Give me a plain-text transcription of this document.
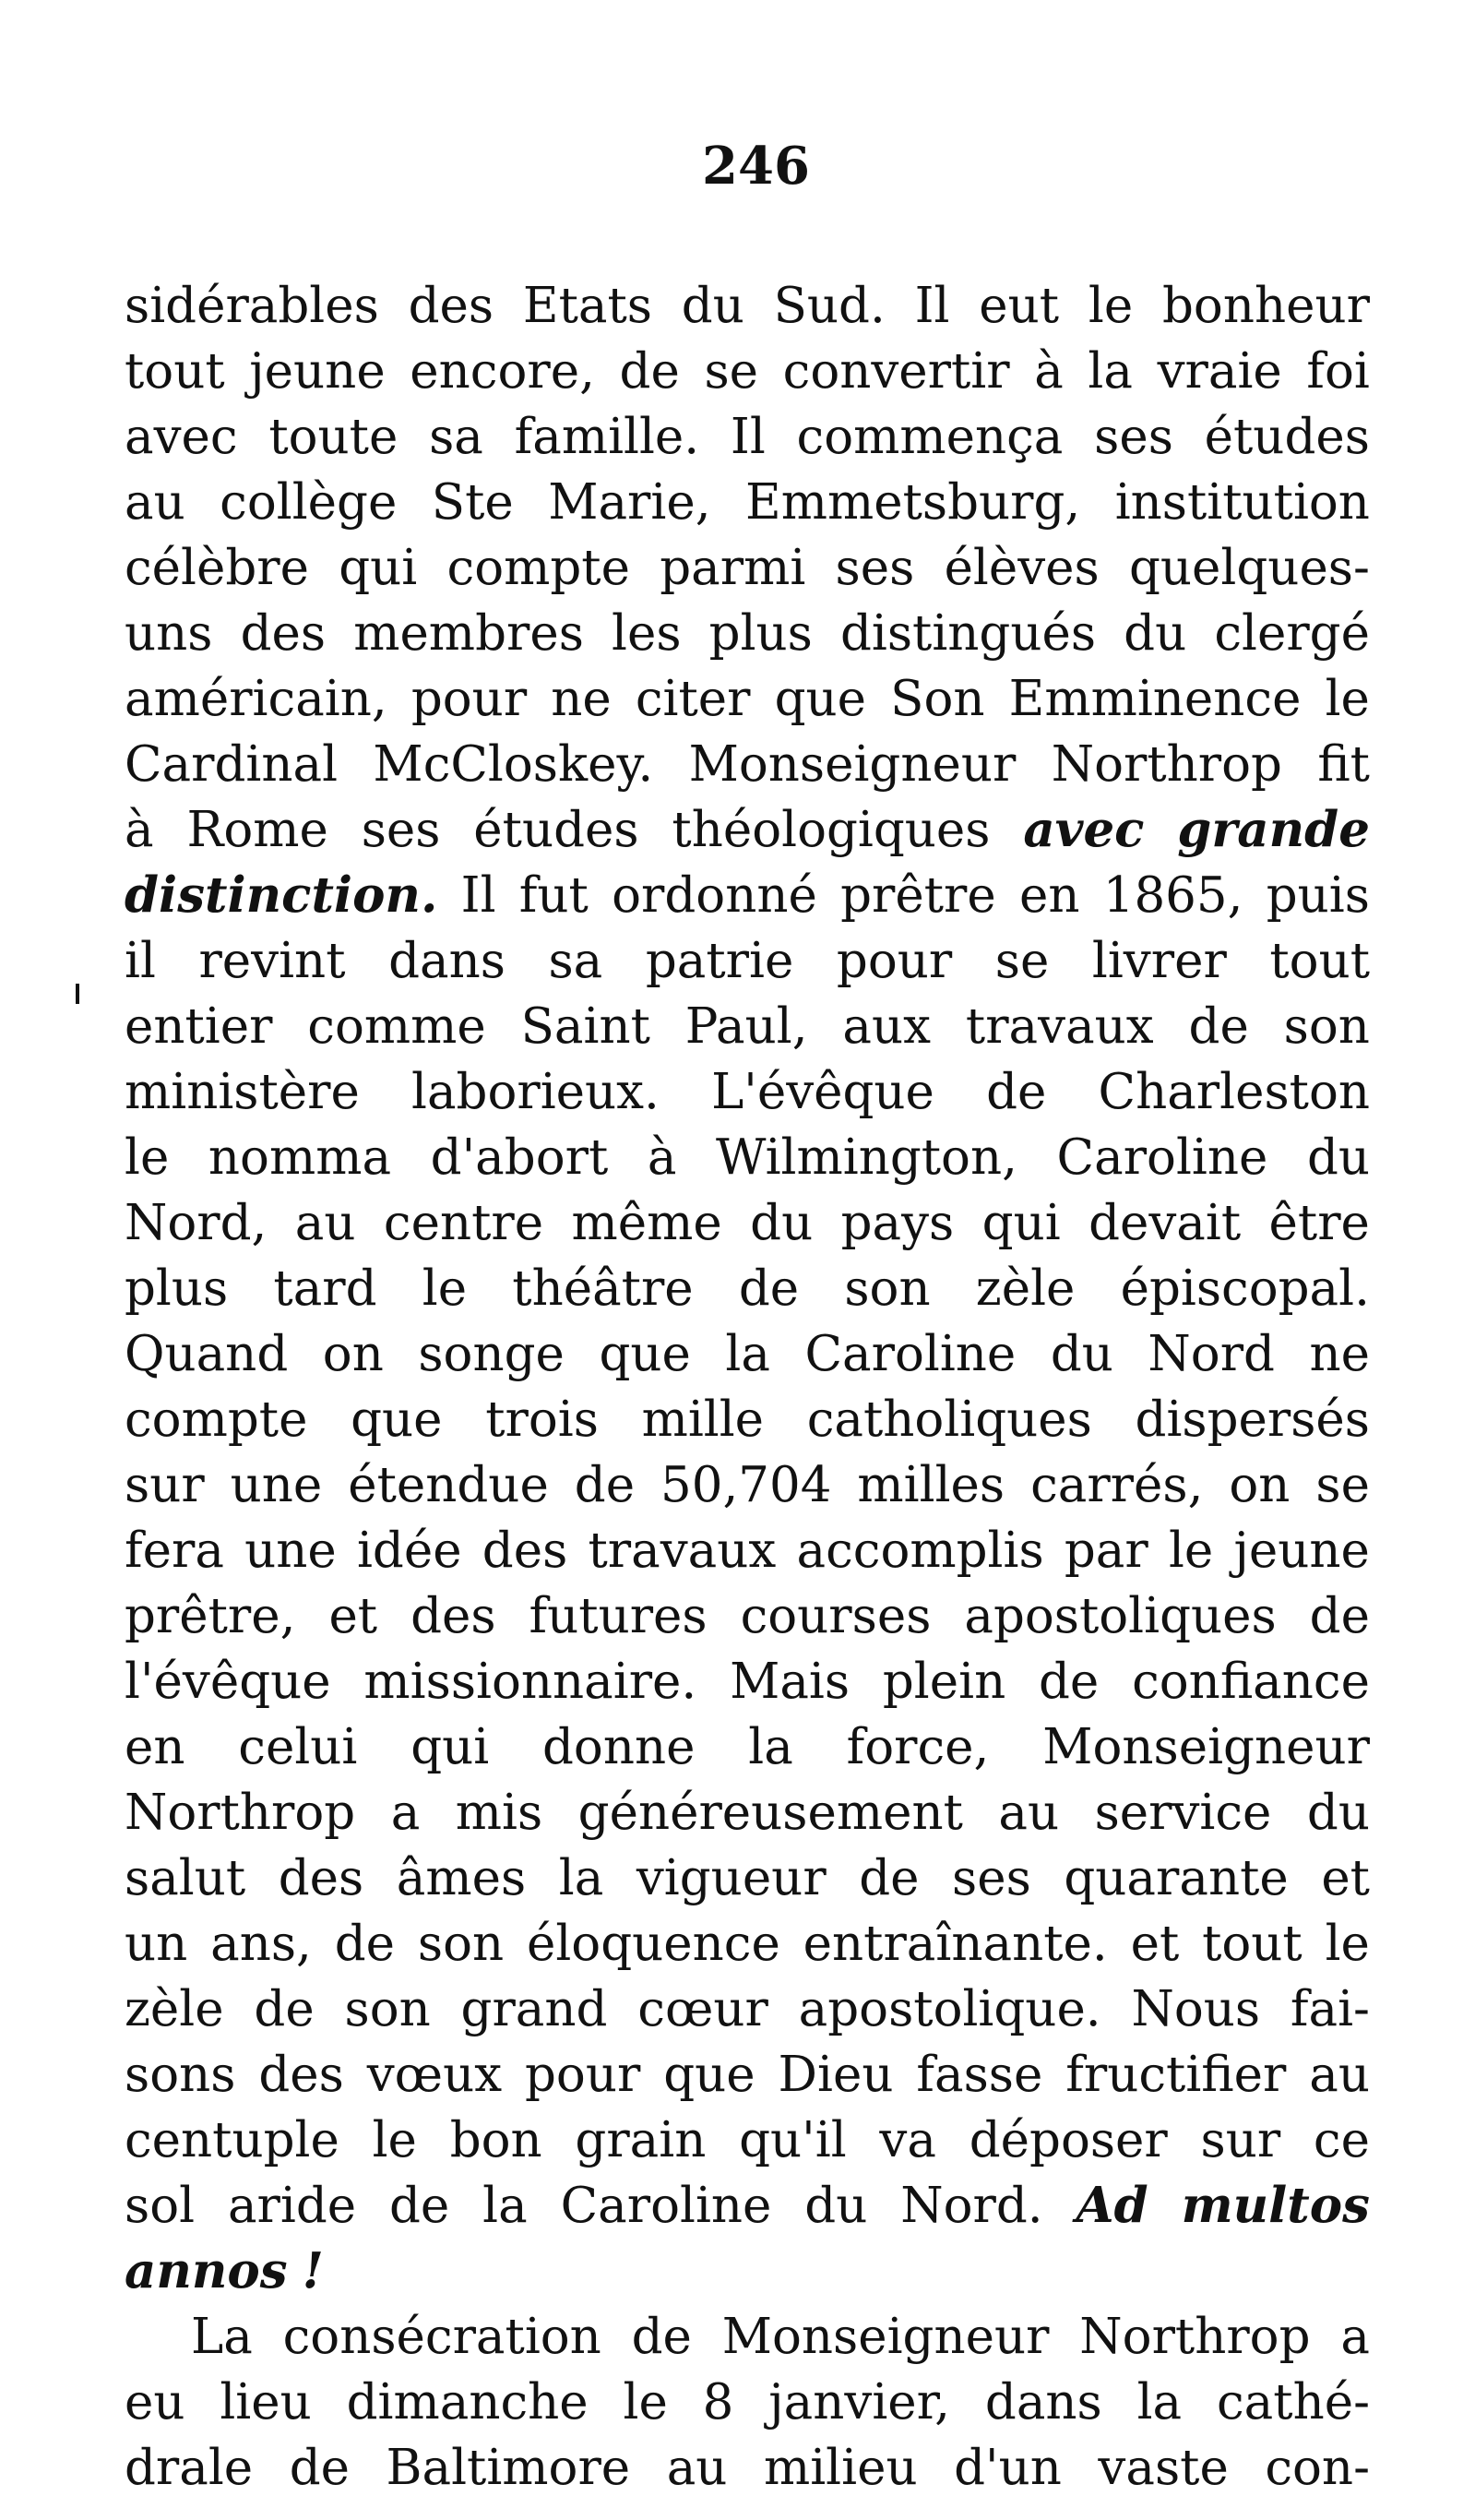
246
sidérables des Etats du Sud. Il eut le bonheur
tout jeune encore, de se convertir à la vraie foi
avec toute sa famille. Il commença ses études
au collège Ste Marie, Emmetsburg, institution
célèbre qui compte parmi ses élèves quelques-
uns des membres les plus distingués du clergé
américain, pour ne citer que Son Emminence le
Cardinal McCloskey. Monseigneur Northrop fit
à Rome ses études théologiques avec grande
distinction. Il fut ordonné prêtre en 1865, puis
il revint dans sa patrie pour se livrer tout
entier comme Saint Paul, aux travaux de son
ministère laborieux. L'évêque de Charleston
le nomma d'abort à Wilmington, Caroline du
Nord, au centre même du pays qui devait être
plus tard le théâtre de son zèle épiscopal.
Quand on songe que la Caroline du Nord ne
compte que trois mille catholiques dispersés
sur une étendue de 50,704 milles carrés, on se
fera une idée des travaux accomplis par le jeune
prêtre, et des futures courses apostoliques de
l'évêque missionnaire. Mais plein de confiance
en celui qui donne la force, Monseigneur
Northrop a mis généreusement au service du
salut des âmes la vigueur de ses quarante et
un ans, de son éloquence entraînante. et tout le
zèle de son grand cœur apostolique. Nous fai-
sons des vœux pour que Dieu fasse fructifier au
centuple le bon grain qu'il va déposer sur ce
sol aride de la Caroline du Nord. Ad multos
annos !
La consécration de Monseigneur Northrop a
eu lieu dimanche le 8 janvier, dans la cathé-
drale de Baltimore au milieu d'un vaste con-
